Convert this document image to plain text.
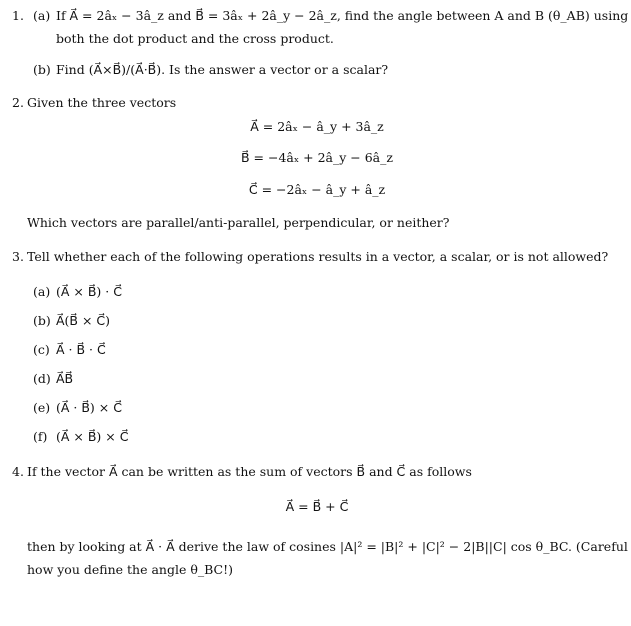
1. (a) If A⃗ = 2âₓ − 3â_z and B⃗ = 3âₓ + 2â_y − 2â_z, find the angle between A and B (θ_AB) using
both the dot product and the cross product.
(b) Find (A⃗×B⃗)/(A⃗·B⃗). Is the answer a vector or a scalar?
2. Given the three vectors
A⃗ = 2âₓ − â_y + 3â_z
B⃗ = −4âₓ + 2â_y − 6â_z
C⃗ = −2âₓ − â_y + â_z
Which vectors are parallel/anti-parallel, perpendicular, or neither?
3. Tell whether each of the following operations results in a vector, a scalar, or is not allowed?
(a) (A⃗ × B⃗) · C⃗
(b) A⃗(B⃗ × C⃗)
(c) A⃗ · B⃗ · C⃗
(d) A⃗B⃗
(e) (A⃗ · B⃗) × C⃗
(f) (A⃗ × B⃗) × C⃗
4. If the vector A⃗ can be written as the sum of vectors B⃗ and C⃗ as follows
A⃗ = B⃗ + C⃗
then by looking at A⃗ · A⃗ derive the law of cosines |A|² = |B|² + |C|² − 2|B||C| cos θ_BC. (Careful
how you define the angle θ_BC!)
